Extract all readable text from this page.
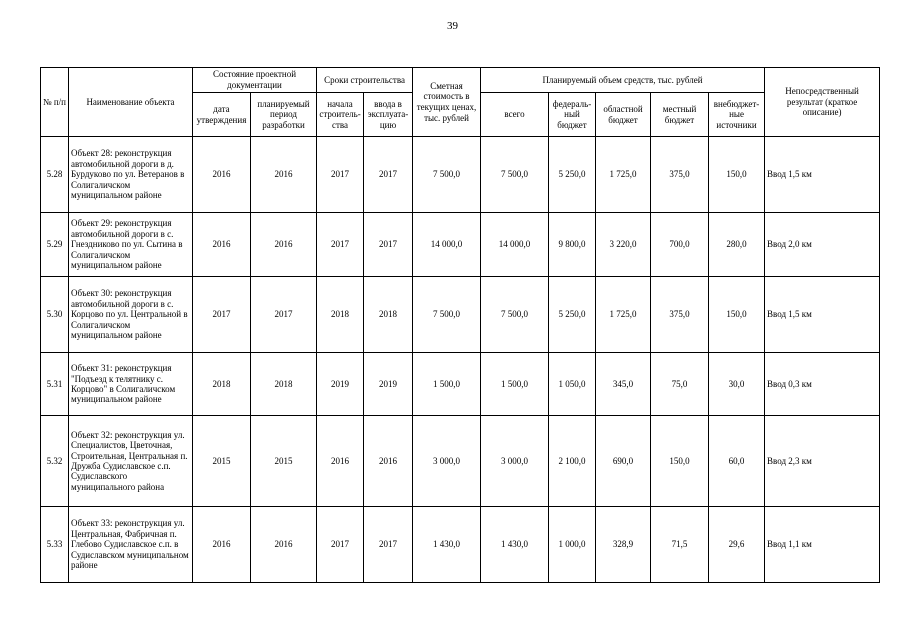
39
№ п/п	Наименование объекта	Состояние проектной документации		Сроки строительства		Сметная стоимость в текущих ценах, тыс. рублей	Планируемый объем средств, тыс. рублей					Непосредственный результат (краткое описание)
		дата утверждения	планируемый период разработки	начала строитель-ства	ввода в эксплуата-цию		всего	федераль-ный бюджет	областной бюджет	местный бюджет	внебюджет-ные источники	
5.28	Объект 28: реконструкция автомобильной дороги в д. Бурдуково по ул. Ветеранов в Солигаличском муниципальном районе	2016	2016	2017	2017	7 500,0	7 500,0	5 250,0	1 725,0	375,0	150,0	Ввод 1,5 км
5.29	Объект 29: реконструкция автомобильной дороги в с. Гнездниково по ул. Сытина в Солигаличском муниципальном районе	2016	2016	2017	2017	14 000,0	14 000,0	9 800,0	3 220,0	700,0	280,0	Ввод 2,0 км
5.30	Объект 30: реконструкция автомобильной дороги в с. Корцово по ул. Центральной в Солигаличском муниципальном районе	2017	2017	2018	2018	7 500,0	7 500,0	5 250,0	1 725,0	375,0	150,0	Ввод 1,5 км
5.31	Объект 31: реконструкция "Подъезд к телятнику с. Корцово" в Солигаличском муниципальном районе	2018	2018	2019	2019	1 500,0	1 500,0	1 050,0	345,0	75,0	30,0	Ввод 0,3 км
5.32	Объект 32: реконструкция ул. Специалистов, Цветочная, Строительная, Центральная п. Дружба Судиславское с.п. Судиславского муниципального района	2015	2015	2016	2016	3 000,0	3 000,0	2 100,0	690,0	150,0	60,0	Ввод 2,3 км
5.33	Объект 33: реконструкция ул. Центральная, Фабричная п. Глебово Судиславское с.п. в Судиславском муниципальном районе	2016	2016	2017	2017	1 430,0	1 430,0	1 000,0	328,9	71,5	29,6	Ввод 1,1 км
